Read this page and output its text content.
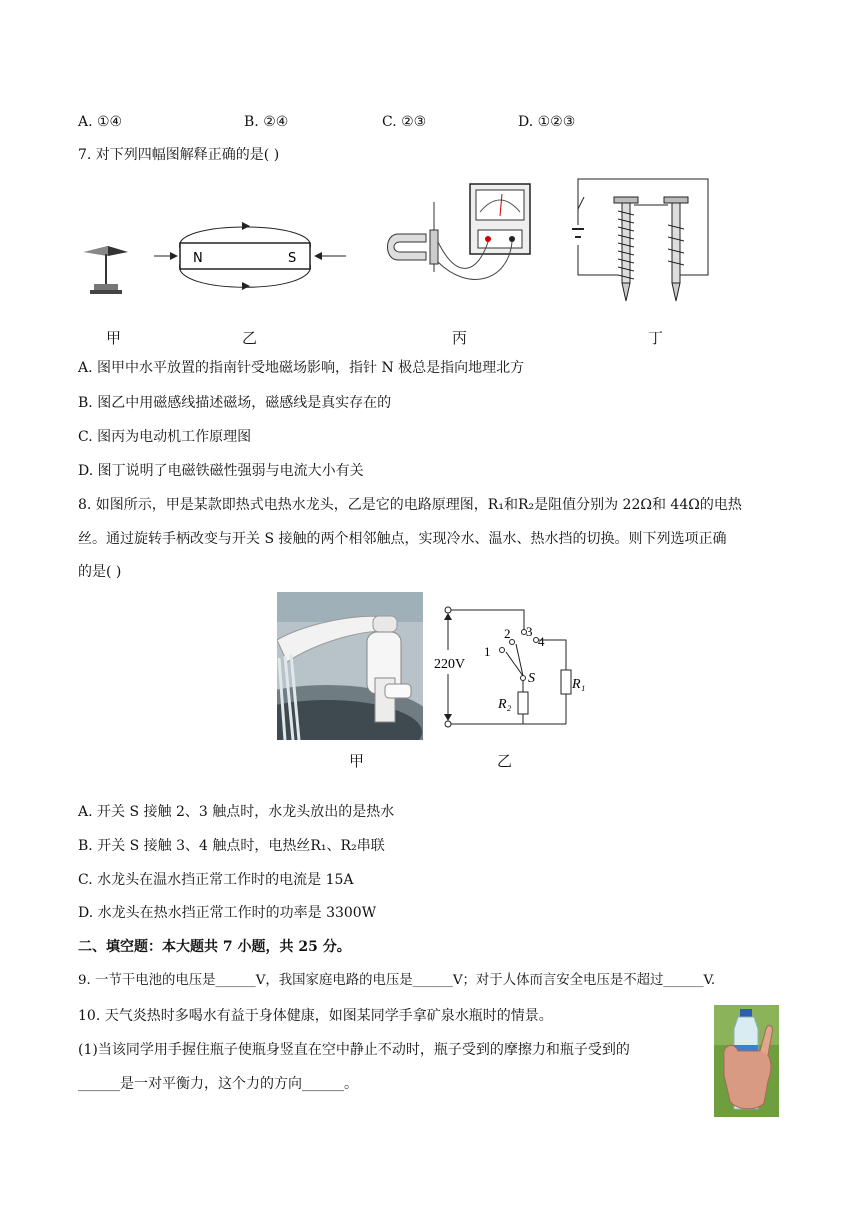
A. ①④	B. ②④	C. ②③	D. ①②③
7. 对下列四幅图解释正确的是( )
甲
N	S
乙	丙	丁
A. 图甲中水平放置的指南针受地磁场影响，指针 N 极总是指向地理北方
B. 图乙中用磁感线描述磁场，磁感线是真实存在的
C. 图丙为电动机工作原理图
D. 图丁说明了电磁铁磁性强弱与电流大小有关
8. 如图所示，甲是某款即热式电热水龙头，乙是它的电路原理图，R₁和R₂是阻值分别为 22Ω和 44Ω的电热
丝。通过旋转手柄改变与开关 S 接触的两个相邻触点，实现冷水、温水、热水挡的切换。则下列选项正确
的是( )
甲
220V
1
2 3
4
S
R₂
R₁
乙
A. 开关 S 接触 2、3 触点时，水龙头放出的是热水
B. 开关 S 接触 3、4 触点时，电热丝R₁、R₂串联
C. 水龙头在温水挡正常工作时的电流是 15A
D. 水龙头在热水挡正常工作时的功率是 3300W
二、填空题：本大题共 7 小题，共 25 分。
9. 一节干电池的电压是______V，我国家庭电路的电压是______V；对于人体而言安全电压是不超过______V.
10. 天气炎热时多喝水有益于身体健康，如图某同学手拿矿泉水瓶时的情景。
(1)当该同学用手握住瓶子使瓶身竖直在空中静止不动时，瓶子受到的摩擦力和瓶子受到的
______是一对平衡力，这个力的方向______。
